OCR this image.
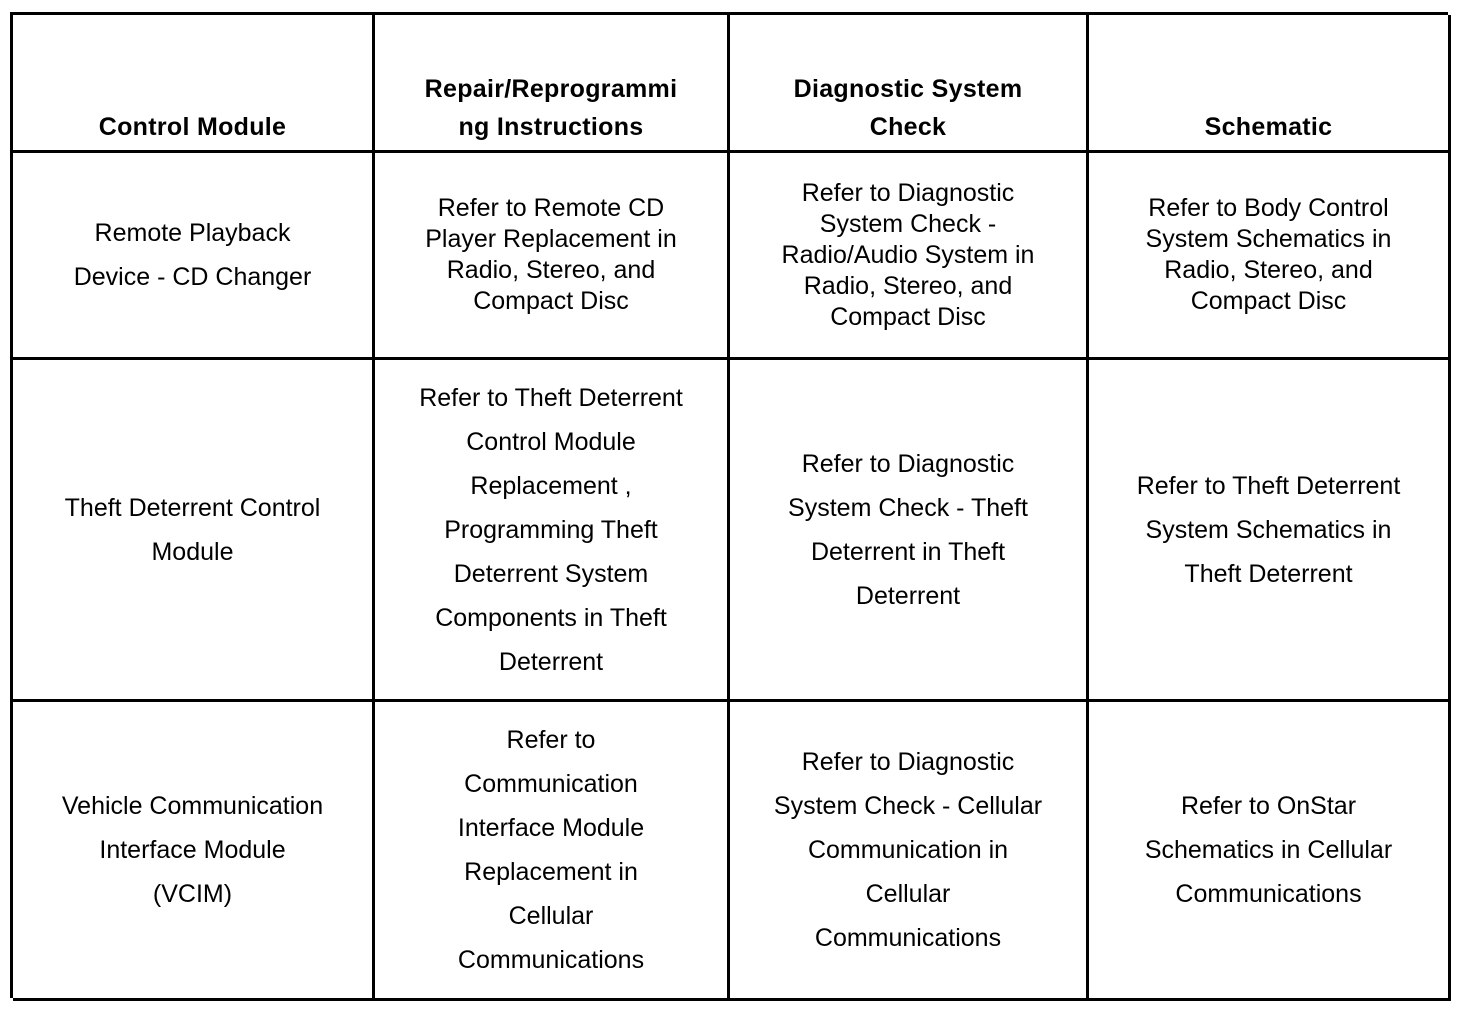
Control Module
Repair/Reprogrammi
ng Instructions
Diagnostic System
Check	Schematic
Remote Playback
Device - CD Changer
Refer to Remote CD
Player Replacement in
Radio, Stereo, and
Compact Disc
Refer to Diagnostic
System Check -
Radio/Audio System in
Radio, Stereo, and
Compact Disc
Refer to Body Control
System Schematics in
Radio, Stereo, and
Compact Disc
Theft Deterrent Control
Module
Refer to Theft Deterrent
Control Module
Replacement ,
Programming Theft
Deterrent System
Components in Theft
Deterrent
Refer to Diagnostic
System Check - Theft
Deterrent in Theft
Deterrent
Refer to Theft Deterrent
System Schematics in
Theft Deterrent
Vehicle Communication
Interface Module
(VCIM)
Refer to
Communication
Interface Module
Replacement in
Cellular
Communications
Refer to Diagnostic
System Check - Cellular
Communication in
Cellular
Communications
Refer to OnStar
Schematics in Cellular
Communications
